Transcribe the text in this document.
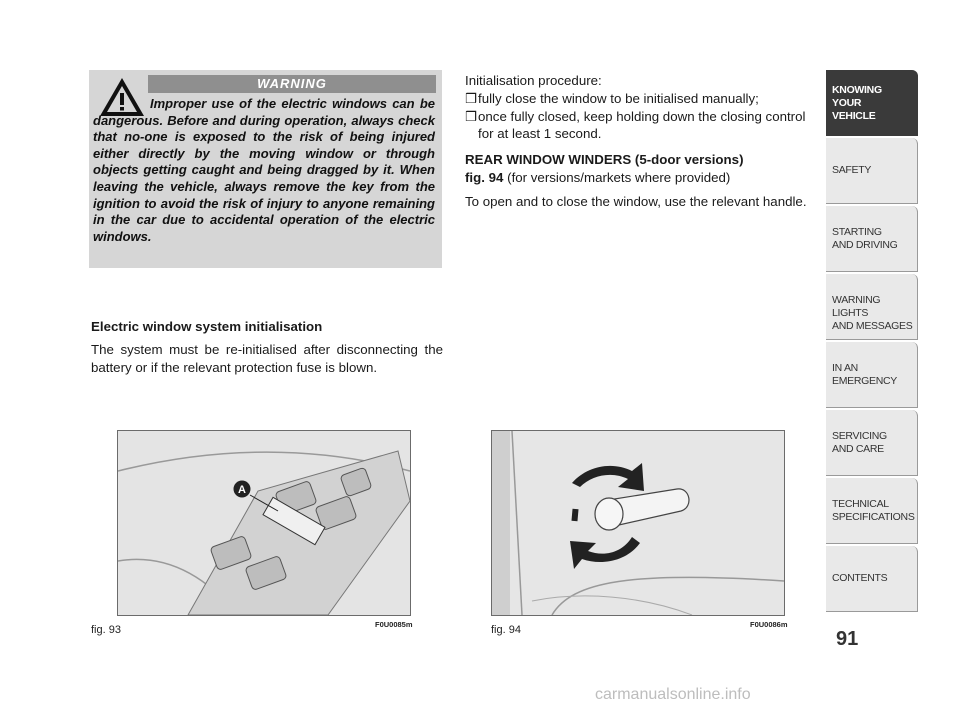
WARNING
Improper use of the electric windows can be dangerous. Before and during operation, always check that no-one is exposed to the risk of being injured either directly by the moving window or through objects getting caught and being dragged by it. When leaving the vehicle, always remove the key from the ignition to avoid the risk of injury to anyone remaining in the car due to accidental operation of the electric windows.

Electric window system initialisation

The system must be re-initialised after disconnecting the battery or if the relevant protection fuse is blown.

Initialisation procedure:

❒ fully close the window to be initialised manually;
❒ once fully closed, keep holding down the closing control for at least 1 second.

REAR WINDOW WINDERS (5-door versions)
fig. 94 (for versions/markets where provided)

To open and to close the window, use the relevant handle.

A
fig. 93	F0U0085m	fig. 94	F0U0086m
KNOWING
YOUR
VEHICLE
SAFETY
STARTING
AND DRIVING
WARNING LIGHTS
AND MESSAGES
IN AN
EMERGENCY
SERVICING
AND CARE
TECHNICAL
SPECIFICATIONS
CONTENTS
91
carmanualsonline.info
